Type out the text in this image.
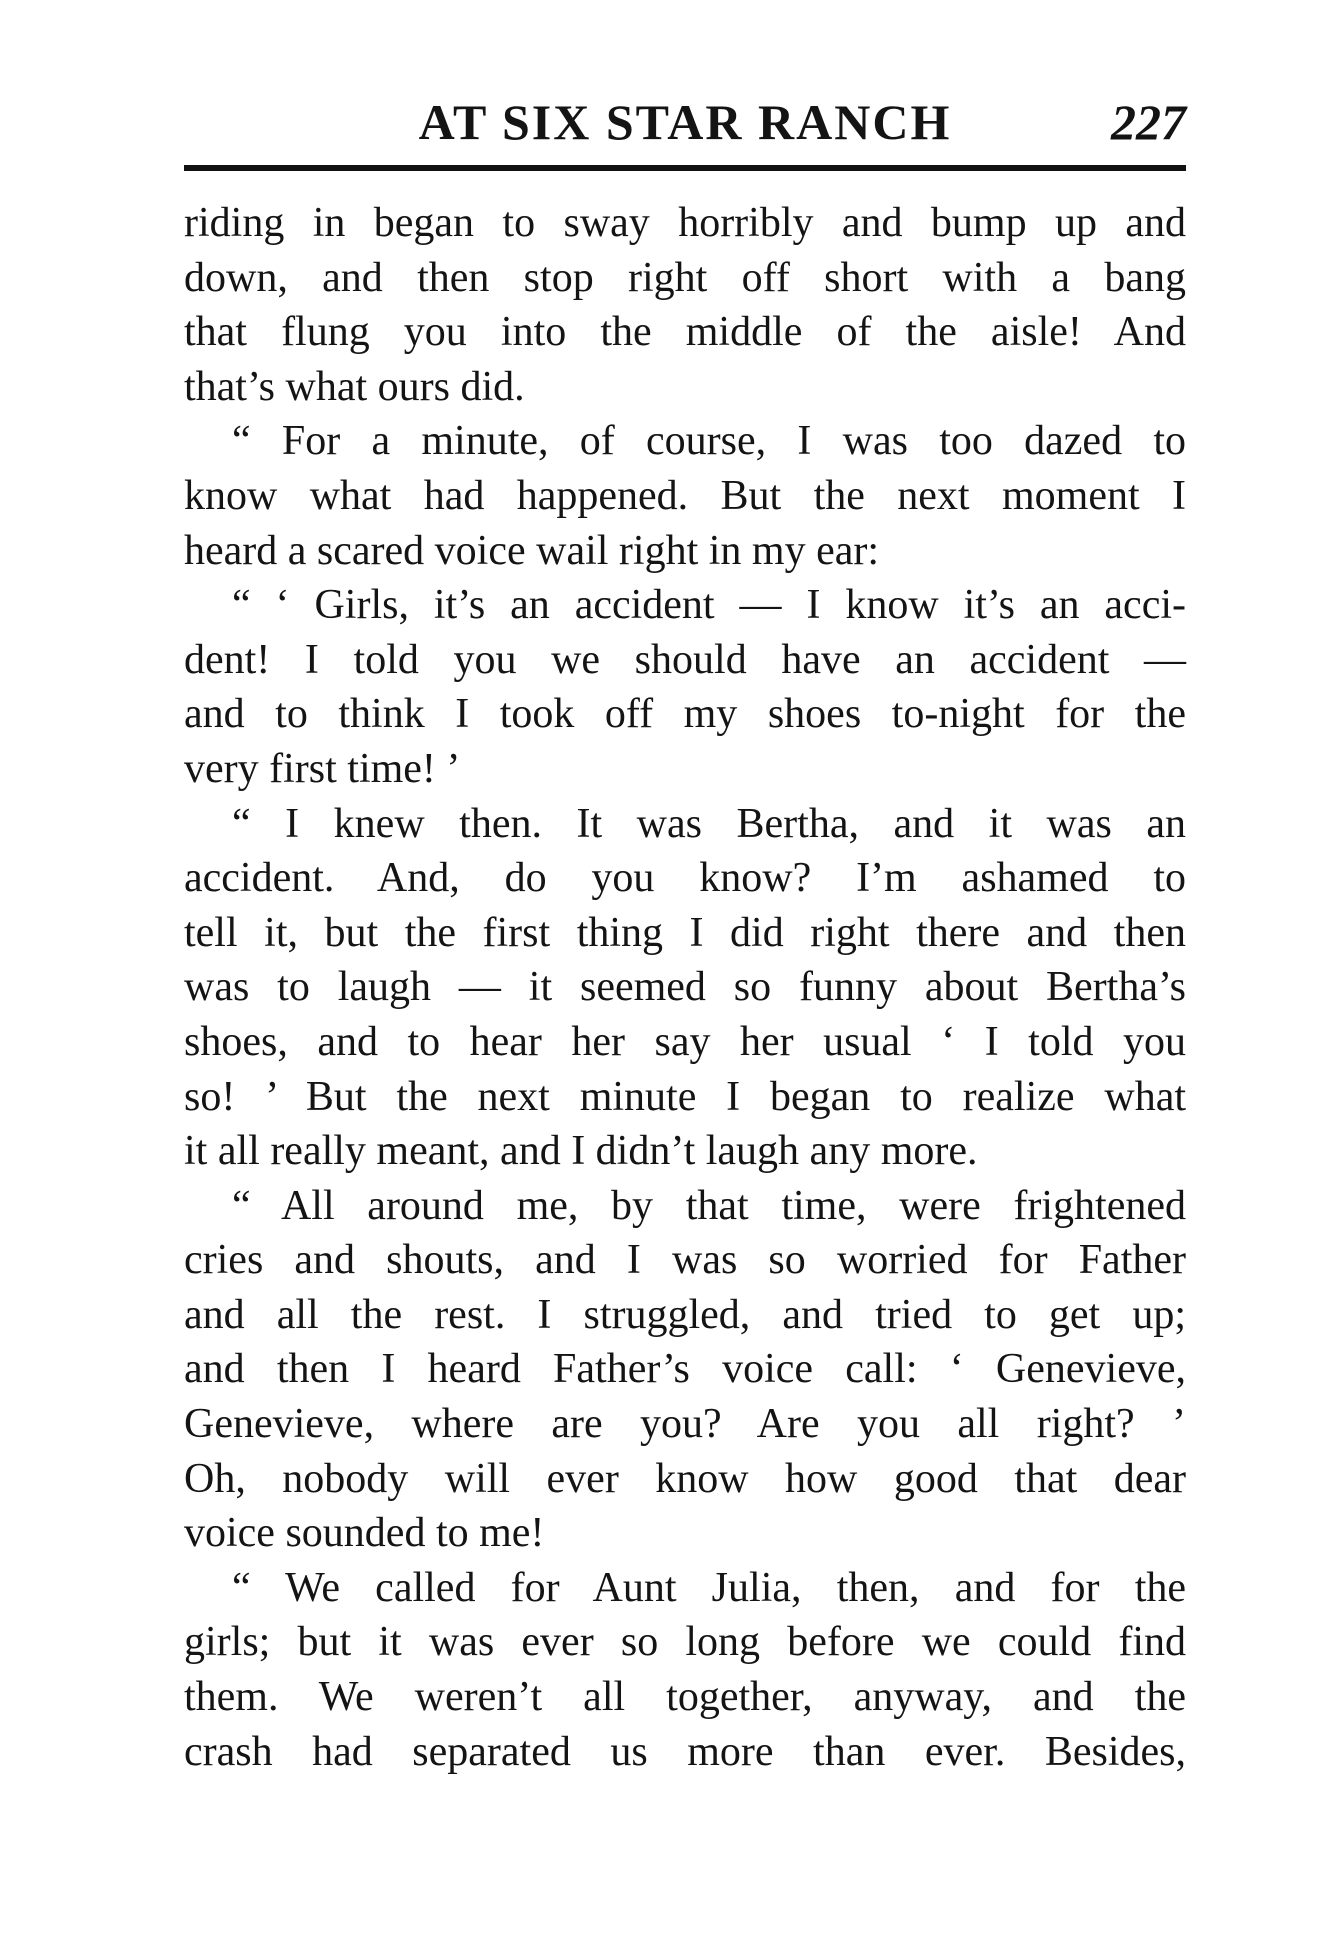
AT SIX STAR RANCH	227
riding in began to sway horribly and bump up and
down, and then stop right off short with a bang
that flung you into the middle of the aisle! And
that’s what ours did.
“ For a minute, of course, I was too dazed to
know what had happened. But the next moment I
heard a scared voice wail right in my ear:
“ ‘ Girls, it’s an accident — I know it’s an acci-
dent! I told you we should have an accident —
and to think I took off my shoes to-night for the
very first time! ’
“ I knew then. It was Bertha, and it was an
accident. And, do you know? I’m ashamed to
tell it, but the first thing I did right there and then
was to laugh — it seemed so funny about Bertha’s
shoes, and to hear her say her usual ‘ I told you
so! ’ But the next minute I began to realize what
it all really meant, and I didn’t laugh any more.
“ All around me, by that time, were frightened
cries and shouts, and I was so worried for Father
and all the rest. I struggled, and tried to get up;
and then I heard Father’s voice call: ‘ Genevieve,
Genevieve, where are you? Are you all right? ’
Oh, nobody will ever know how good that dear
voice sounded to me!
“ We called for Aunt Julia, then, and for the
girls; but it was ever so long before we could find
them. We weren’t all together, anyway, and the
crash had separated us more than ever. Besides,
